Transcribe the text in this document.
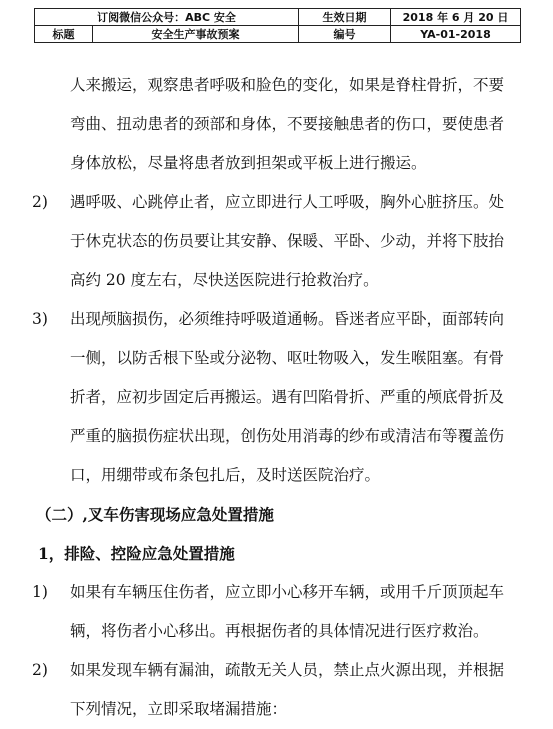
订阅微信公众号：ABC 安全		生效日期	2018 年 6 月 20 日
标题	安全生产事故预案	编号	YA-01-2018
人来搬运，观察患者呼吸和脸色的变化，如果是脊柱骨折，不要
弯曲、扭动患者的颈部和身体，不要接触患者的伤口，要使患者
身体放松，尽量将患者放到担架或平板上进行搬运。
2)	遇呼吸、心跳停止者，应立即进行人工呼吸，胸外心脏挤压。处
于休克状态的伤员要让其安静、保暖、平卧、少动，并将下肢抬
高约 20 度左右，尽快送医院进行抢救治疗。
3)	出现颅脑损伤，必须维持呼吸道通畅。昏迷者应平卧，面部转向
一侧，以防舌根下坠或分泌物、呕吐物吸入，发生喉阻塞。有骨
折者，应初步固定后再搬运。遇有凹陷骨折、严重的颅底骨折及
严重的脑损伤症状出现，创伤处用消毒的纱布或清洁布等覆盖伤
口，用绷带或布条包扎后，及时送医院治疗。
（二）,叉车伤害现场应急处置措施
1，排险、控险应急处置措施
1)	如果有车辆压住伤者，应立即小心移开车辆，或用千斤顶顶起车
辆，将伤者小心移出。再根据伤者的具体情况进行医疗救治。
2)	如果发现车辆有漏油，疏散无关人员，禁止点火源出现，并根据
下列情况，立即采取堵漏措施：
